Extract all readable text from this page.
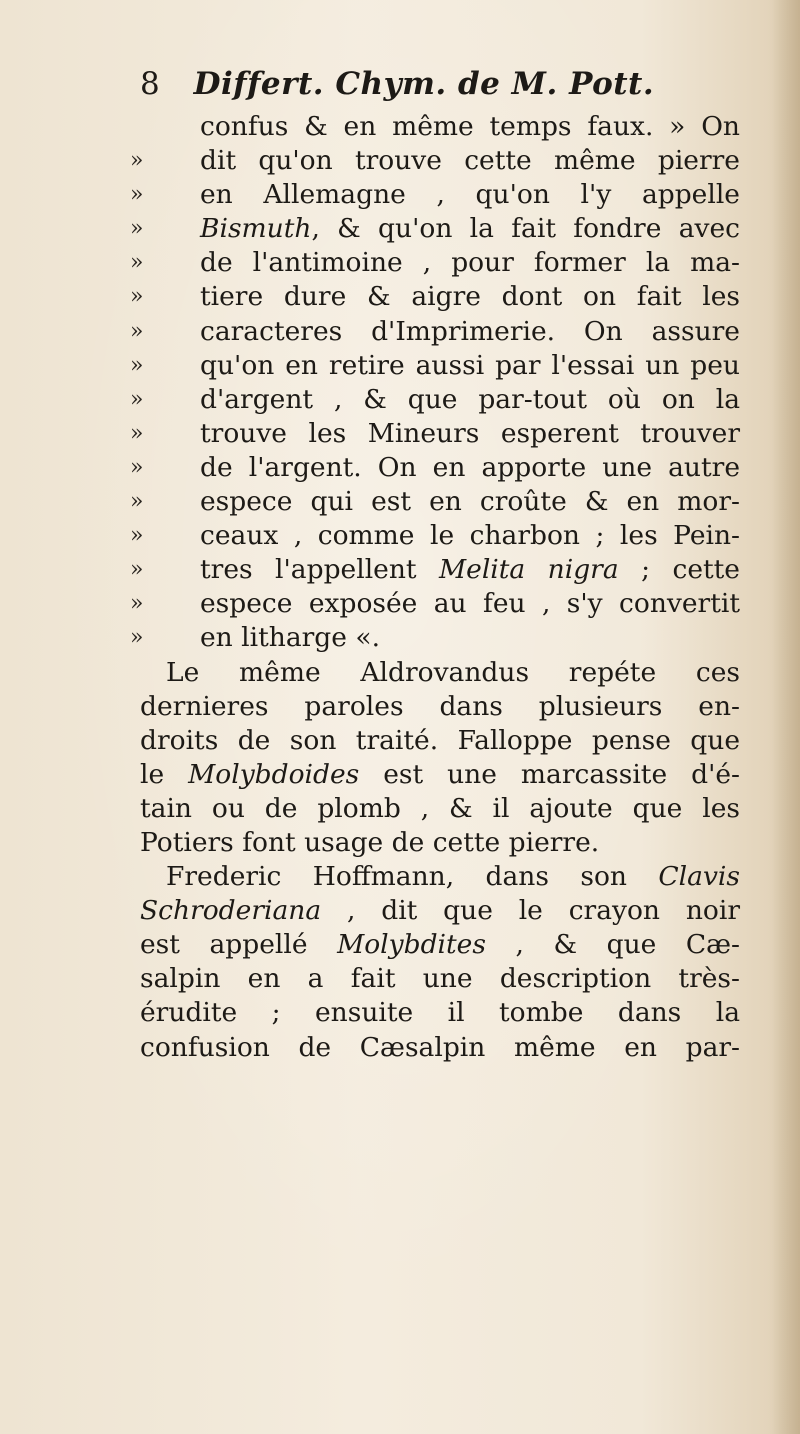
8 Differt. Chym. de M. Pott.
confus & en même temps faux. » On
»	dit qu'on trouve cette même pierre
»	en Allemagne , qu'on l'y appelle
»	Bismuth, & qu'on la fait fondre avec
»	de l'antimoine , pour former la ma-
»	tiere dure & aigre dont on fait les
»	caracteres d'Imprimerie. On assure
»	qu'on en retire aussi par l'essai un peu
»	d'argent , & que par-tout où on la
»	trouve les Mineurs esperent trouver
»	de l'argent. On en apporte une autre
»	espece qui est en croûte & en mor-
»	ceaux , comme le charbon ; les Pein-
»	tres l'appellent Melita nigra ; cette
»	espece exposée au feu , s'y convertit
»	en litharge «.
Le même Aldrovandus repéte ces
dernieres paroles dans plusieurs en-
droits de son traité. Falloppe pense que
le Molybdoides est une marcassite d'é-
tain ou de plomb , & il ajoute que les
Potiers font usage de cette pierre.
Frederic Hoffmann, dans son Clavis
Schroderiana , dit que le crayon noir
est appellé Molybdites , & que Cæ-
salpin en a fait une description très-
érudite ; ensuite il tombe dans la
confusion de Cæsalpin même en par-
